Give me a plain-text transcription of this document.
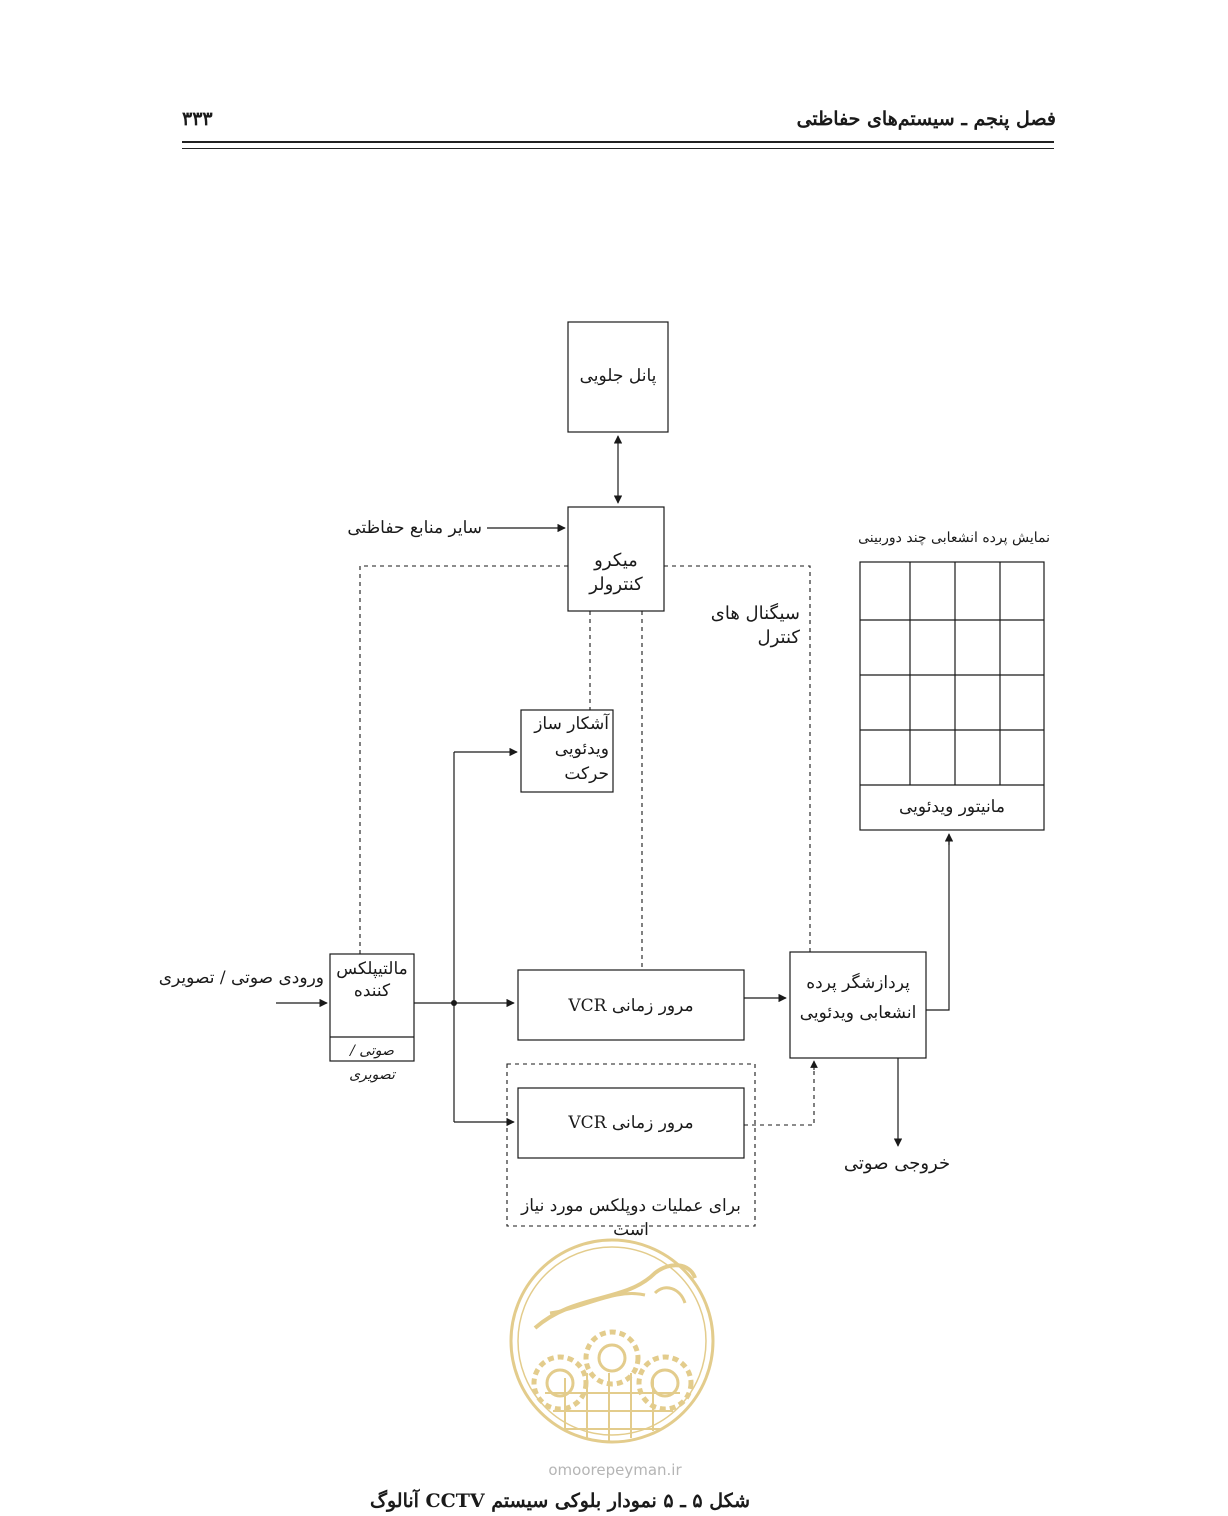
فصل پنجم ـ سیستم‌های حفاظتی
۳۳۳
پانل جلویی
سایر منابع حفاظتی
میکرو کنترولر
سیگنال های کنترل
نمایش پرده انشعابی چند دوربینی
مانیتور ویدئویی
آشکار ساز
ویدئویی
حرکت
ورودی صوتی / تصویری مالتیپلکس
کننده
صوتی / تصویری
VCR مرور زمانی
VCR مرور زمانی
پردازشگر پرده
انشعابی ویدئویی
خروجی صوتی
برای عملیات دوپلکس مورد نیاز است
omoorepeyman.ir
شکل ۵ ـ ۵ نمودار بلوکی سیستم CCTV آنالوگ
